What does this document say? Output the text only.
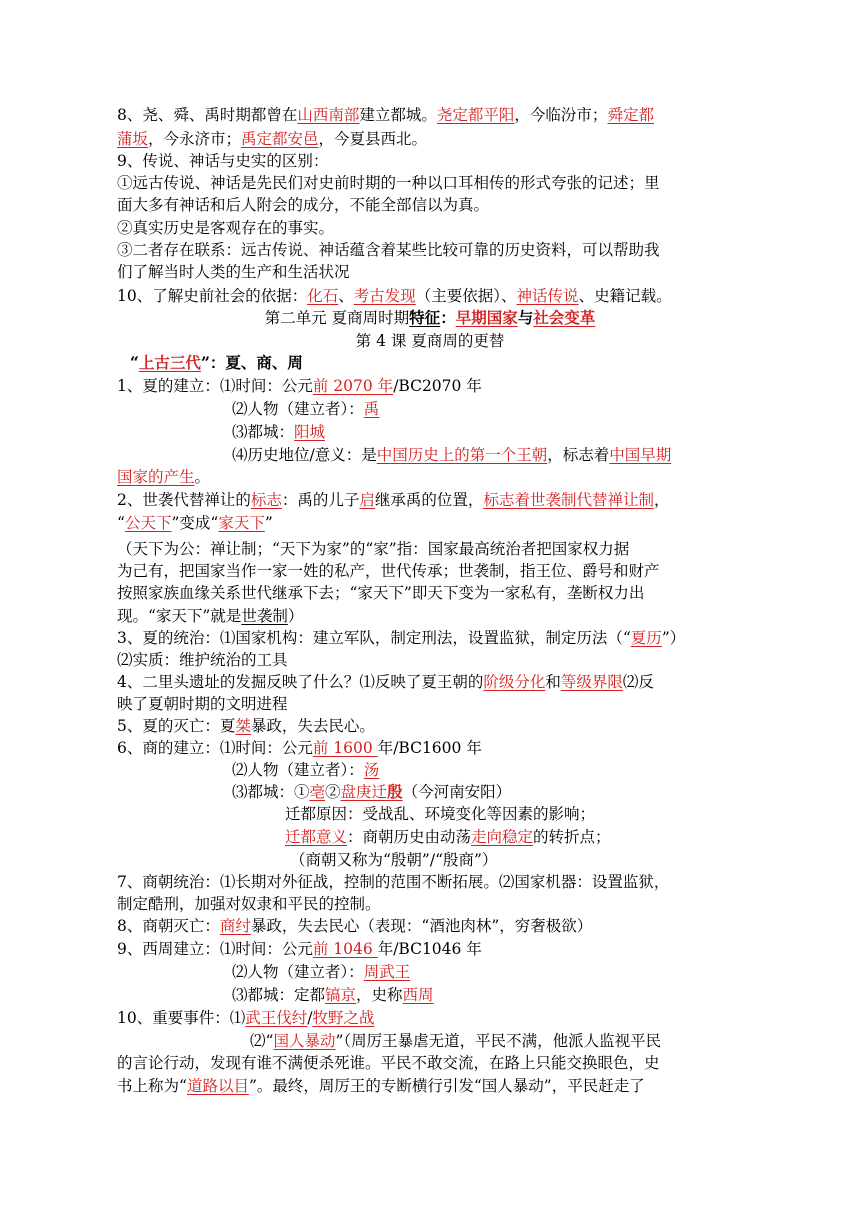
8、尧、舜、禹时期都曾在山西南部建立都城。尧定都平阳，今临汾市；舜定都
蒲坂，今永济市；禹定都安邑，今夏县西北。
9、传说、神话与史实的区别：
①远古传说、神话是先民们对史前时期的一种以口耳相传的形式夸张的记述；里
面大多有神话和后人附会的成分，不能全部信以为真。
②真实历史是客观存在的事实。
③二者存在联系：远古传说、神话蕴含着某些比较可靠的历史资料，可以帮助我
们了解当时人类的生产和生活状况
10、了解史前社会的依据：化石、考古发现（主要依据）、神话传说、史籍记载。
第二单元 夏商周时期特征：早期国家与社会变革
第 4 课 夏商周的更替
“上古三代”：夏、商、周
1、夏的建立：⑴时间：公元前 2070 年/BC2070 年
⑵人物（建立者）：禹
⑶都城：阳城
⑷历史地位/意义：是中国历史上的第一个王朝，标志着中国早期
国家的产生。
2、世袭代替禅让的标志：禹的儿子启继承禹的位置，标志着世袭制代替禅让制，
“公天下”变成“家天下”
（天下为公：禅让制；“天下为家”的“家”指：国家最高统治者把国家权力据
为己有，把国家当作一家一姓的私产，世代传承；世袭制，指王位、爵号和财产
按照家族血缘关系世代继承下去；“家天下”即天下变为一家私有，垄断权力出
现。“家天下”就是世袭制）
3、夏的统治：⑴国家机构：建立军队，制定刑法，设置监狱，制定历法（“夏历”）
⑵实质：维护统治的工具
4、二里头遗址的发掘反映了什么？⑴反映了夏王朝的阶级分化和等级界限⑵反
映了夏朝时期的文明进程
5、夏的灭亡：夏桀暴政，失去民心。
6、商的建立：⑴时间：公元前 1600 年/BC1600 年
⑵人物（建立者）：汤
⑶都城：①亳②盘庚迁殷（今河南安阳）
迁都原因：受战乱、环境变化等因素的影响；
迁都意义：商朝历史由动荡走向稳定的转折点；
（商朝又称为“殷朝”/“殷商”）
7、商朝统治：⑴长期对外征战，控制的范围不断拓展。⑵国家机器：设置监狱，
制定酷刑，加强对奴隶和平民的控制。
8、商朝灭亡：商纣暴政，失去民心（表现：“酒池肉林”，穷奢极欲）
9、西周建立：⑴时间：公元前 1046 年/BC1046 年
⑵人物（建立者）：周武王
⑶都城：定都镐京，史称西周
10、重要事件：⑴武王伐纣/牧野之战
⑵“国人暴动”（周厉王暴虐无道，平民不满，他派人监视平民
的言论行动，发现有谁不满便杀死谁。平民不敢交流，在路上只能交换眼色，史
书上称为“道路以目”。最终，周厉王的专断横行引发“国人暴动”，平民赶走了
